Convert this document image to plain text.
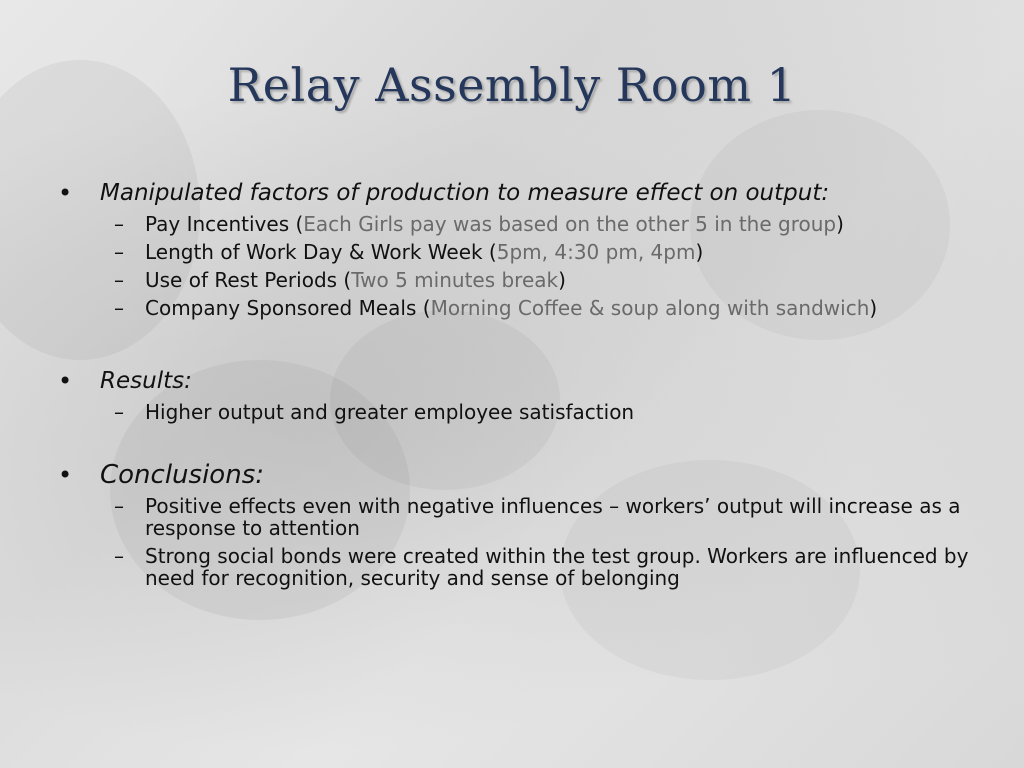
Relay Assembly Room 1
•	Manipulated factors of production to measure effect on output:
–	Pay Incentives (Each Girls pay was based on the other 5 in the group)
–	Length of Work Day & Work Week (5pm, 4:30 pm, 4pm)
–	Use of Rest Periods (Two 5 minutes break)
–	Company Sponsored Meals (Morning Coffee & soup along with sandwich)
•	Results:
–	Higher output and greater employee satisfaction
•	Conclusions:
–	Positive effects even with negative influences – workers’ output will increase as a response to attention
–	Strong social bonds were created within the test group. Workers are influenced by need for recognition, security and sense of belonging
